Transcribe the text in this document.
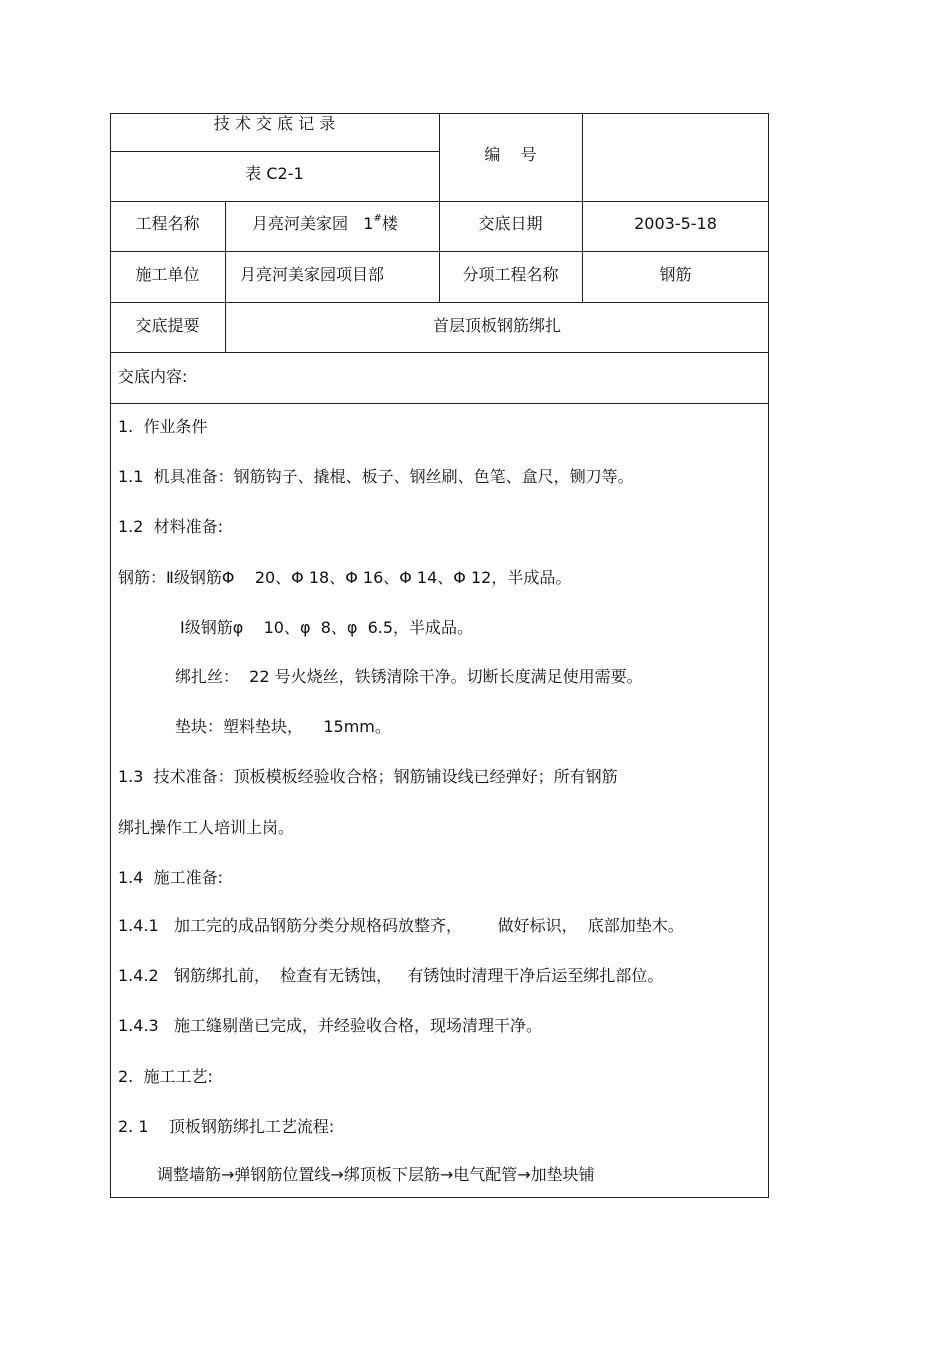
技 术 交 底 记 录
表 C2-1
编    号
工程名称	月亮河美家园   1#楼	交底日期	2003-5-18
施工单位	月亮河美家园项目部	分项工程名称	钢筋
交底提要	首层顶板钢筋绑扎
交底内容:
1.  作业条件
1.1  机具准备：钢筋钩子、撬棍、板子、钢丝刷、色笔、盒尺，铡刀等。
1.2  材料准备:
钢筋：Ⅱ级钢筋Φ    20、Φ 18、Φ 16、Φ 14、Φ 12，半成品。
Ⅰ级钢筋φ    10、φ  8、φ  6.5，半成品。
绑扎丝：  22 号火烧丝，铁锈清除干净。切断长度满足使用需要。
垫块：塑料垫块，    15mm。
1.3  技术准备：顶板模板经验收合格；钢筋铺设线已经弹好；所有钢筋
绑扎操作工人培训上岗。
1.4  施工准备:
1.4.1   加工完的成品钢筋分类分规格码放整齐，       做好标识，  底部加垫木。
1.4.2   钢筋绑扎前，  检查有无锈蚀，   有锈蚀时清理干净后运至绑扎部位。
1.4.3   施工缝剔凿已完成，并经验收合格，现场清理干净。
2.  施工工艺:
2. 1    顶板钢筋绑扎工艺流程:
调整墙筋→弹钢筋位置线→绑顶板下层筋→电气配管→加垫块铺
